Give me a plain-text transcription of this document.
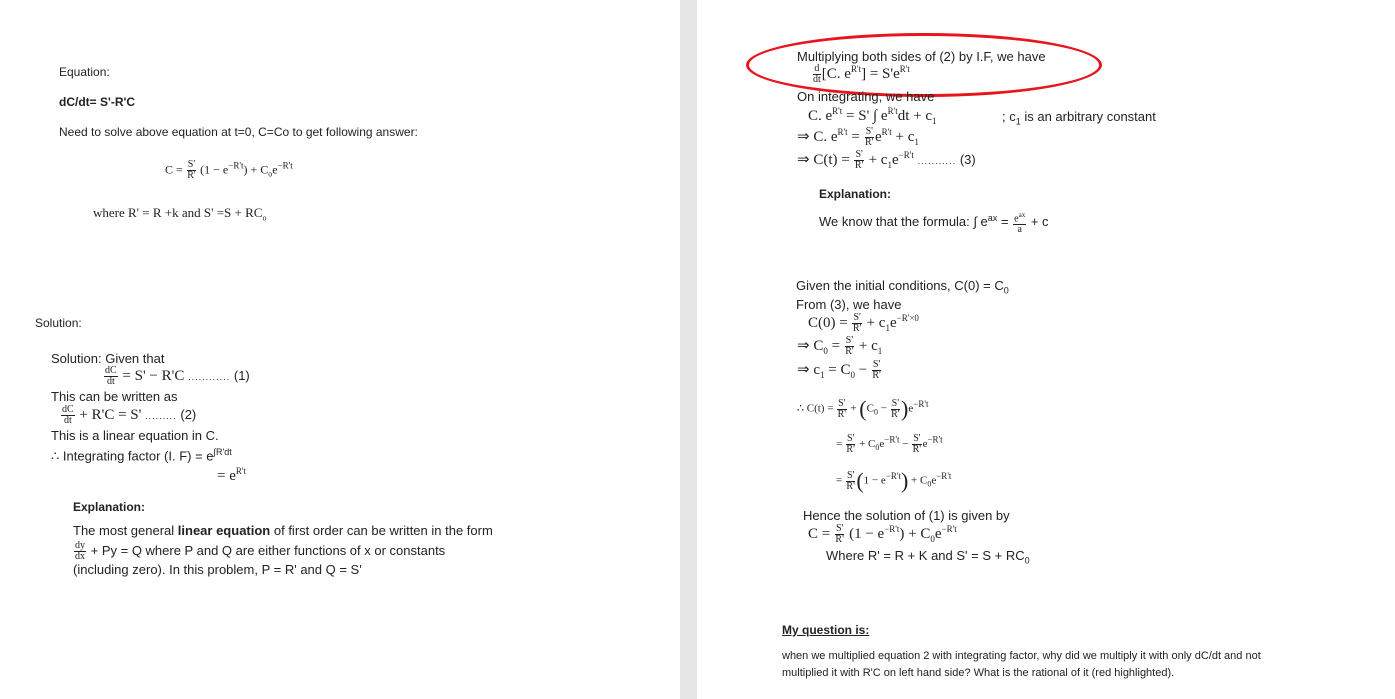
Equation:
dC/dt= S'-R'C
Need to solve above equation at t=0, C=Co to get following answer:
$C = \frac{S'}{R'} (1 - e^{-R't}) + C_oe^{-R't}$
where R' = R +k and $S' =S + RC_o$
Solution:
Solution: Given that
$\frac{dC}{dt} = S' - R'C$ ............ (1)
This can be written as
$\frac{dC}{dt} + R'C = S'$ ......... (2)
This is a linear equation in C.
∴ Integrating factor (I. $F) = e^{\int R'dt}$
= $e^{R't}$
Explanation:
The most general linear equation of first order can be written in the form
$\frac{dy}{dx} + Py = Q$ where P and Q are either functions of x or constants
(including zero). In this problem, P = R' and Q = S'
Multiplying both sides of (2) by I.F, we have
$\frac{d}{dt} [C$. $e^{R't}] = S'e^{R't}$
On integrating, we have
C. $e^{R't} = S'$ ∫ $e^{R't}dt + c_1$	; $c_1$ is an arbitrary constant
⇒ C. $e^{R't} = \frac{S'}{R'} e^{R't} + c_1$
⇒ $C(t) = \frac{S'}{R'} + c_1e^{-R't}$ ........... (3)
Explanation:
We know that the formula: ∫ $e^{ax} = \frac{e^{ax}}{a} + c$
Given the initial conditions, $C(0) = C_0$
From (3), we have
$C(0) = \frac{S'}{R'} + c_1e^{-R'\times 0}$
⇒ $C_0 = \frac{S'}{R'} + c_1$
⇒ $c_1 = C_0 - \frac{S'}{R'}$
∴ $C(t) = \frac{S'}{R'} + (C_0 - \frac{S'}{R'} )e^{-R't}$
= $\frac{S'}{R'} + C_0e^{-R't} - \frac{S'}{R'} e^{-R't}$
= $\frac{S'}{R'} (1 - e^{-R't}) + C_0e^{-R't}$
Hence the solution of (1) is given by
$C = \frac{S'}{R'} (1 - e^{-R't}) + C_0e^{-R't}$
Where R' = R + K and $S' = S + RC_0$
My question is:
when we multiplied equation 2 with integrating factor, why did we multiply it with only dC/dt and not
multiplied it with R'C on left hand side? What is the rational of it (red highlighted).
